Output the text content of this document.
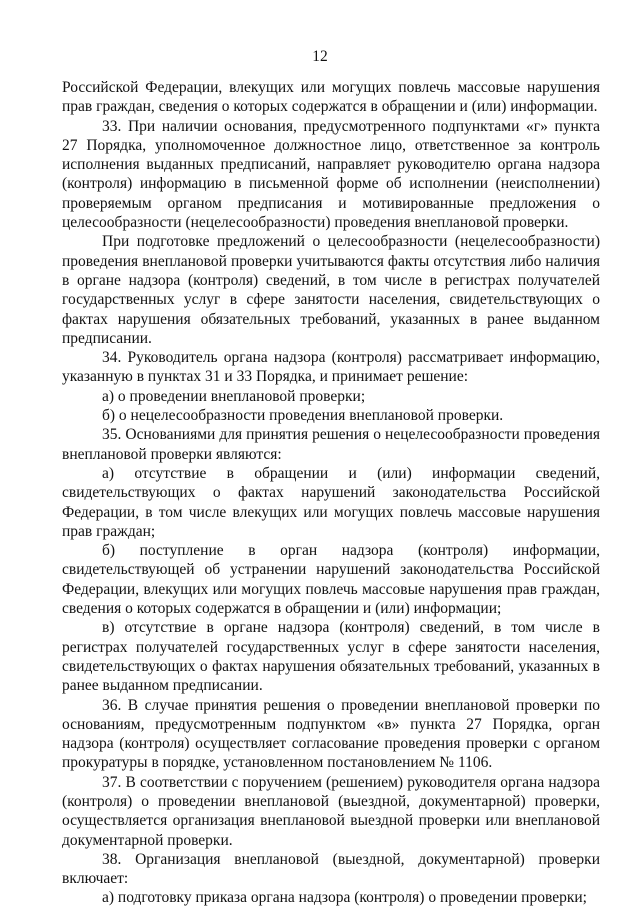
12

Российской Федерации, влекущих или могущих повлечь массовые нарушения прав граждан, сведения о которых содержатся в обращении и (или) информации.

33. При наличии основания, предусмотренного подпунктами «г» пункта 27 Порядка, уполномоченное должностное лицо, ответственное за контроль исполнения выданных предписаний, направляет руководителю органа надзора (контроля) информацию в письменной форме об исполнении (неисполнении) проверяемым органом предписания и мотивированные предложения о целесообразности (нецелесообразности) проведения внеплановой проверки.

При подготовке предложений о целесообразности (нецелесообразности) проведения внеплановой проверки учитываются факты отсутствия либо наличия в органе надзора (контроля) сведений, в том числе в регистрах получателей государственных услуг в сфере занятости населения, свидетельствующих о фактах нарушения обязательных требований, указанных в ранее выданном предписании.

34. Руководитель органа надзора (контроля) рассматривает информацию, указанную в пунктах 31 и 33 Порядка, и принимает решение:

а) о проведении внеплановой проверки;

б) о нецелесообразности проведения внеплановой проверки.

35. Основаниями для принятия решения о нецелесообразности проведения внеплановой проверки являются:

а) отсутствие в обращении и (или) информации сведений, свидетельствующих о фактах нарушений законодательства Российской Федерации, в том числе влекущих или могущих повлечь массовые нарушения прав граждан;

б) поступление в орган надзора (контроля) информации, свидетельствующей об устранении нарушений законодательства Российской Федерации, влекущих или могущих повлечь массовые нарушения прав граждан, сведения о которых содержатся в обращении и (или) информации;

в) отсутствие в органе надзора (контроля) сведений, в том числе в регистрах получателей государственных услуг в сфере занятости населения, свидетельствующих о фактах нарушения обязательных требований, указанных в ранее выданном предписании.

36. В случае принятия решения о проведении внеплановой проверки по основаниям, предусмотренным подпунктом «в» пункта 27 Порядка, орган надзора (контроля) осуществляет согласование проведения проверки с органом прокуратуры в порядке, установленном постановлением № 1106.

37. В соответствии с поручением (решением) руководителя органа надзора (контроля) о проведении внеплановой (выездной, документарной) проверки, осуществляется организация внеплановой выездной проверки или внеплановой документарной проверки.

38. Организация внеплановой (выездной, документарной) проверки включает:

а) подготовку приказа органа надзора (контроля) о проведении проверки;
